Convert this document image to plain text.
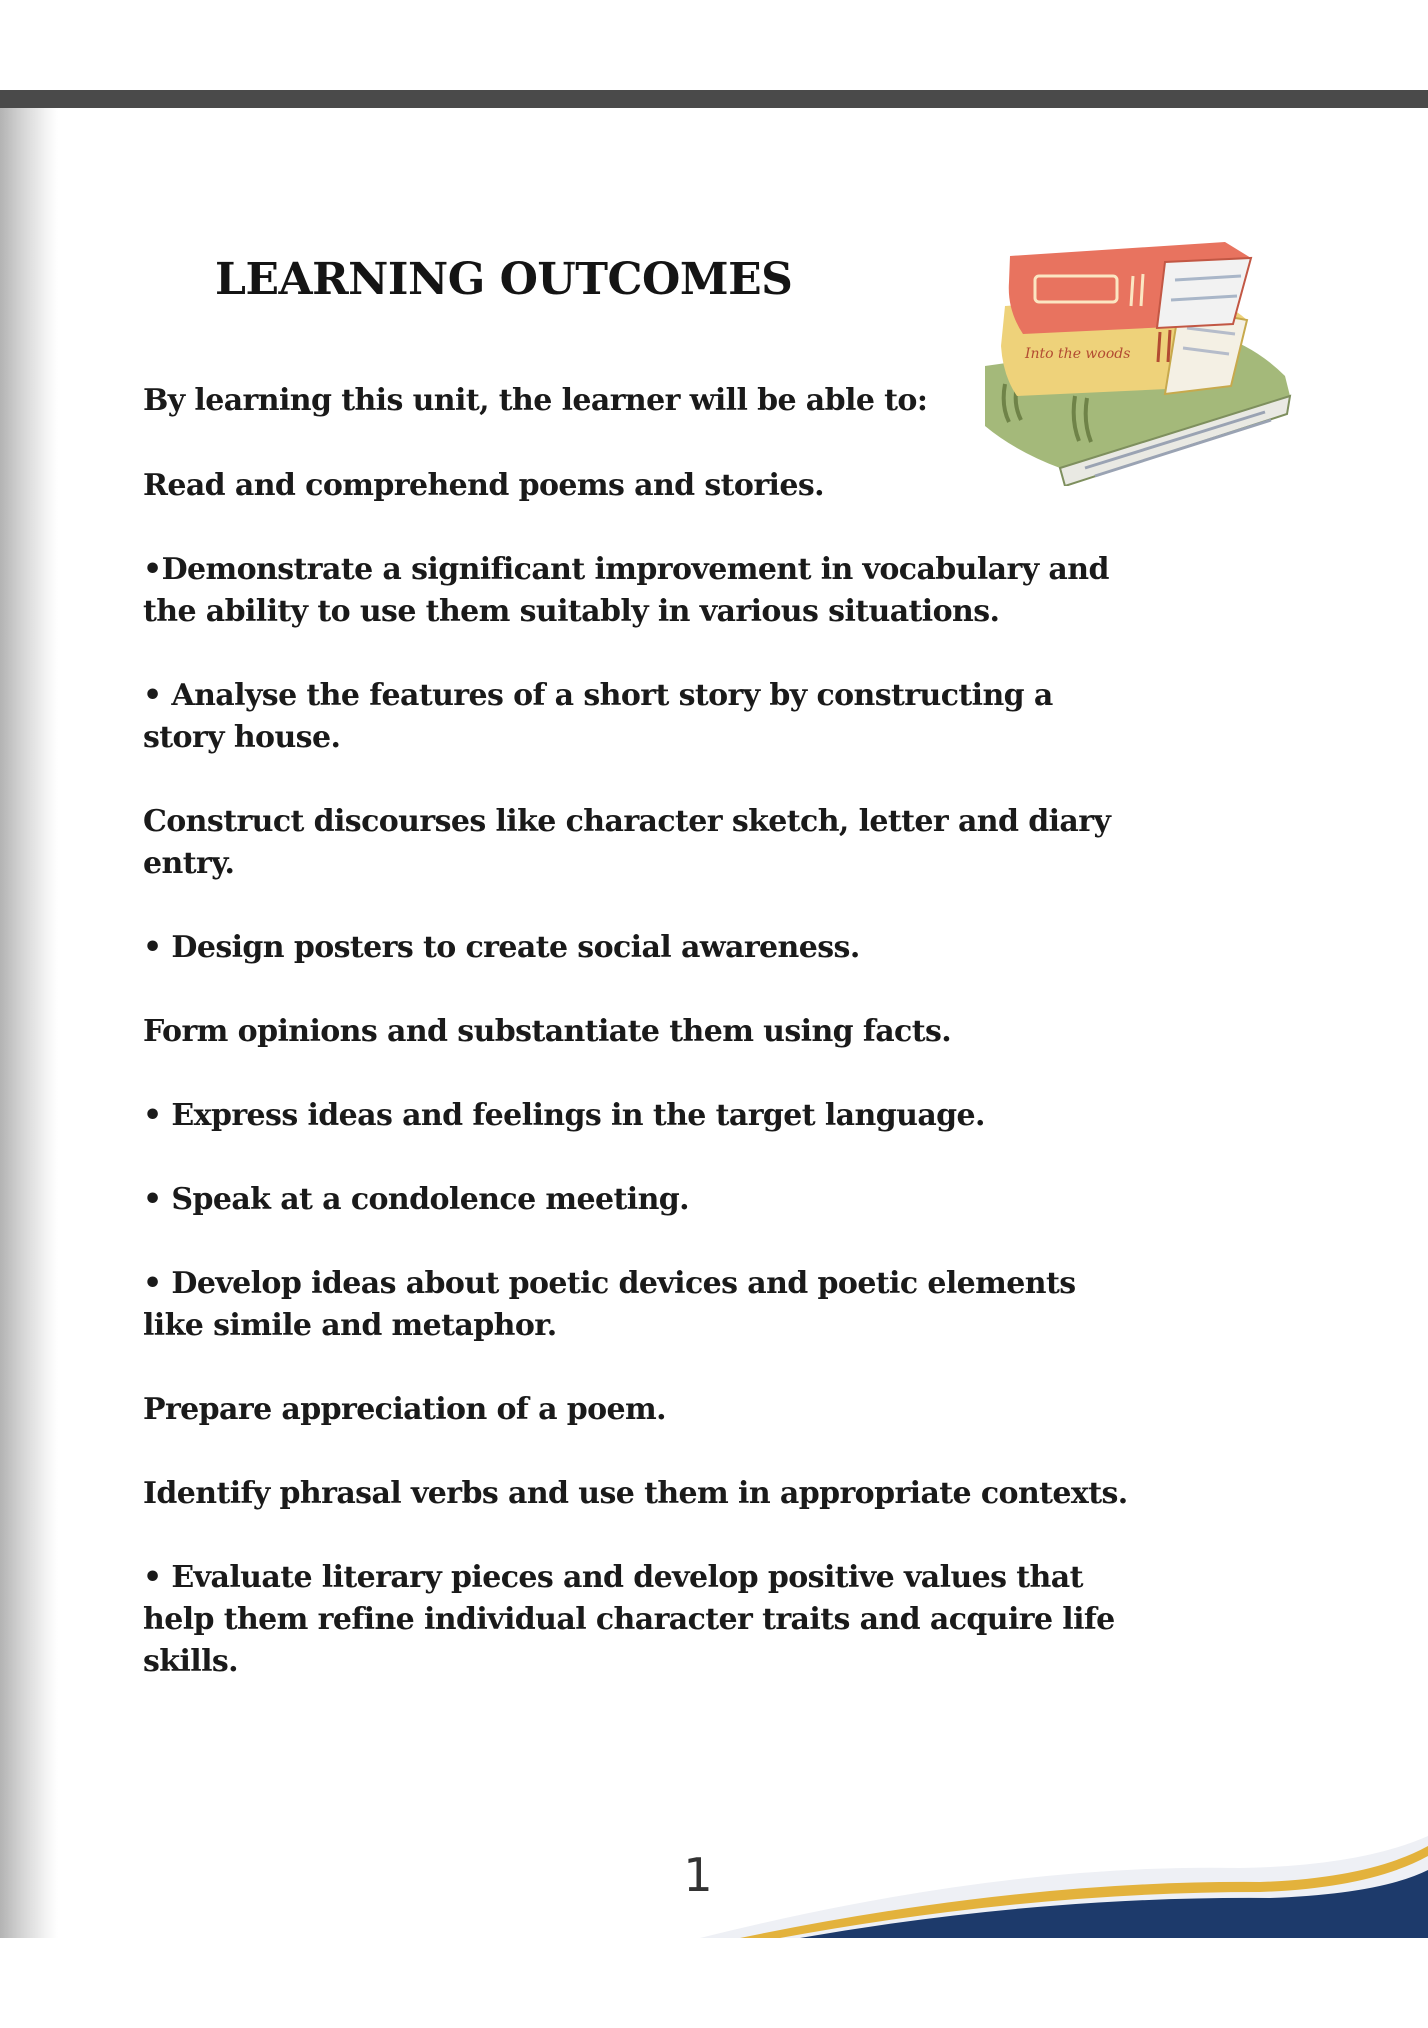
LEARNING OUTCOMES
Into the woods

By learning this unit, the learner will be able to:

Read and comprehend poems and stories.
•Demonstrate a significant improvement in vocabulary and the ability to use them suitably in various situations.
• Analyse the features of a short story by constructing a story house.
Construct discourses like character sketch, letter and diary entry.
• Design posters to create social awareness.
Form opinions and substantiate them using facts.
• Express ideas and feelings in the target language.
• Speak at a condolence meeting.
• Develop ideas about poetic devices and poetic elements like simile and metaphor.
Prepare appreciation of a poem.
Identify phrasal verbs and use them in appropriate contexts.
• Evaluate literary pieces and develop positive values that help them refine individual character traits and acquire life skills.
1
